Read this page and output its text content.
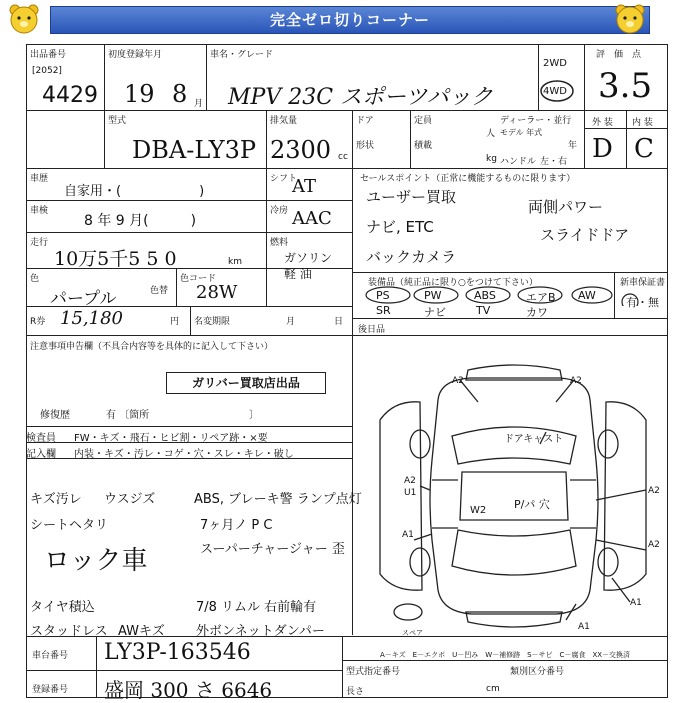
完全ゼロ切りコーナー
出品番号
[2052]
4429
初度登録年月
19 8 月
車名・グレード
MPV 23C スポーツパック
2WD
4WD
評　価　点
3.5
外 装 内 装
D C
型式
DBA-LY3P
排気量
2300 cc
ドア	定員
人
形状	積載
kg
ディーラー・並行
モデル 年式
年
ハンドル 左・右
車歴
自家用・(　　　　　　)
シフト
AT
車検
8 年 9 月(　　　)
冷房 AAC
走行
10万5千5 5 0	km
燃料
ガソリン 軽 油
色
パープル	色替
色コード
28W
R券 15,180	円 名変期限	月	日
セールスポイント（正常に機能するものに限ります）
ユーザー買取
ナビ, ETC
バックカメラ
両側パワー
スライドドア
装備品（純正品に限り○をつけて下さい）	新車保証書
有・無
PS	PW	ABS	エアB AW
SR	ナビ	TV	カワ
後日品
注意事項申告欄（不具合内容等を具体的に記入して下さい）
ガリバー買取店出品
修復歴	有 〔箇所　　　　　　　　　　〕
検査員 FW・キズ・飛石・ヒビ割・リペア跡・×要
記入欄 内装・キズ・汚レ・コゲ・穴・スレ・キレ・破し
キズ汚レ ウスジズ	ABS, ブレーキ警 ランプ点灯
シートヘタリ	7ヶ月ノ P C
スーパーチャージャー 歪
ロック車
タイヤ積込	7/8 リムル 右前輪有
スタッドレス AWキズ 外ボンネットダンパー
車台番号 LY3P-163546
登録番号 盛岡 300 さ 6646
型式指定番号	類別区分番号
長さ	cm
A－キズ　E－エクボ　U－凹み　W－補修跡　S－サビ　C－腐食　XX－交換済
A2	A2
A2
U1
A1
A2
A2
A1
A1
W2
スペア
ドアキャスト
P/パ 穴
